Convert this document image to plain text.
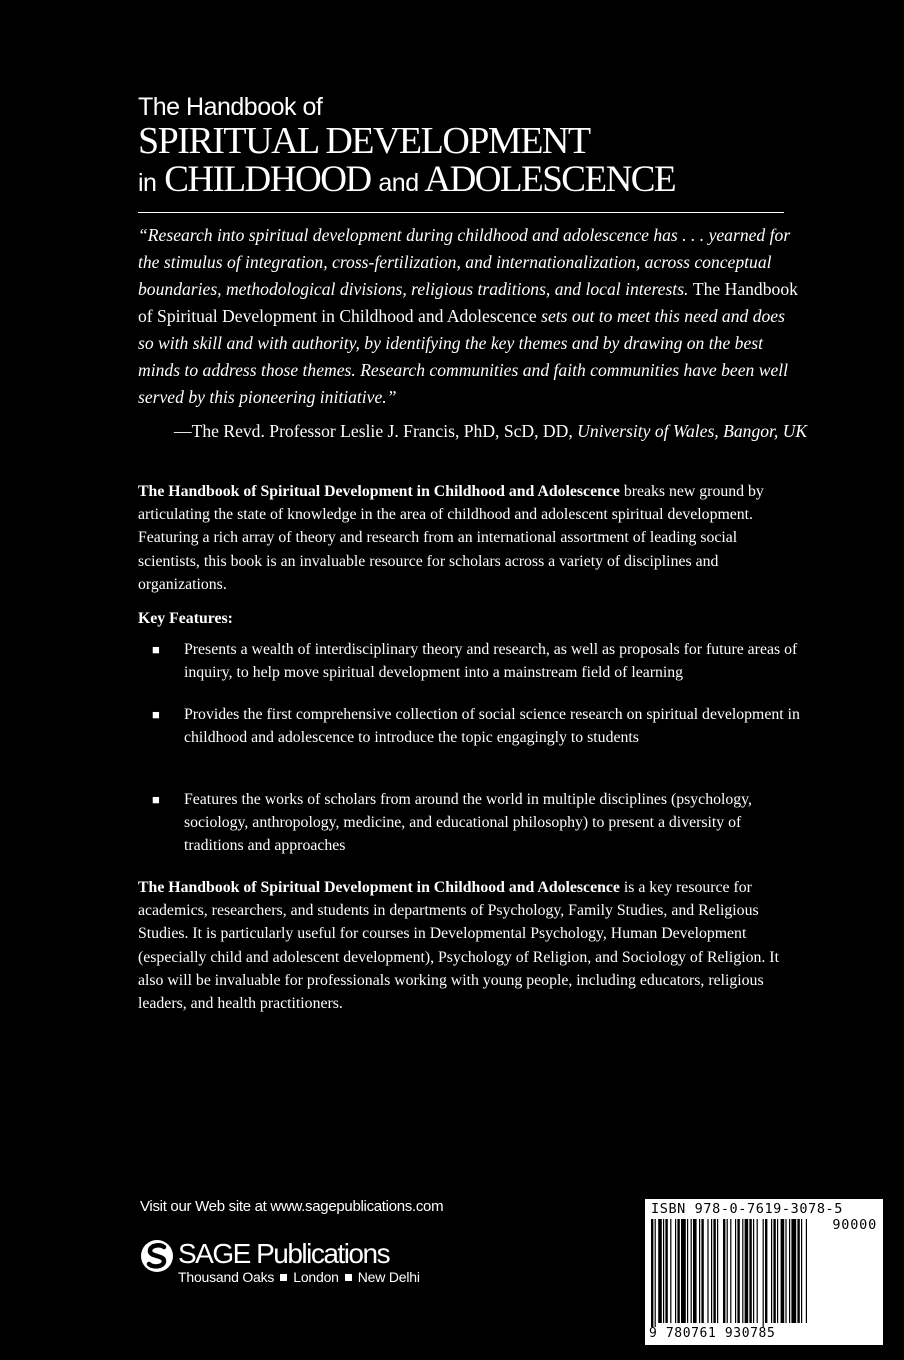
The Handbook of
SPIRITUAL DEVELOPMENT
in CHILDHOOD and ADOLESCENCE
“Research into spiritual development during childhood and adolescence has . . . yearned for the stimulus of integration, cross-fertilization, and internationalization, across conceptual boundaries, methodological divisions, religious traditions, and local interests. The Handbook of Spiritual Development in Childhood and Adolescence sets out to meet this need and does so with skill and with authority, by identifying the key themes and by drawing on the best minds to address those themes. Research communities and faith communities have been well served by this pioneering initiative.”
—The Revd. Professor Leslie J. Francis, PhD, ScD, DD, University of Wales, Bangor, UK
The Handbook of Spiritual Development in Childhood and Adolescence breaks new ground by articulating the state of knowledge in the area of childhood and adolescent spiritual development. Featuring a rich array of theory and research from an international assortment of leading social scientists, this book is an invaluable resource for scholars across a variety of disciplines and organizations.
Key Features:
■ Presents a wealth of interdisciplinary theory and research, as well as proposals for future areas of inquiry, to help move spiritual development into a mainstream field of learning
■ Provides the first comprehensive collection of social science research on spiritual development in childhood and adolescence to introduce the topic engagingly to students
■ Features the works of scholars from around the world in multiple disciplines (psychology, sociology, anthropology, medicine, and educational philosophy) to present a diversity of traditions and approaches
The Handbook of Spiritual Development in Childhood and Adolescence is a key resource for academics, researchers, and students in departments of Psychology, Family Studies, and Religious Studies. It is particularly useful for courses in Developmental Psychology, Human Development (especially child and adolescent development), Psychology of Religion, and Sociology of Religion. It also will be invaluable for professionals working with young people, including educators, religious leaders, and health practitioners.
Visit our Web site at www.sagepublications.com
SAGE Publications
Thousand Oaks London New Delhi
ISBN 978-0-7619-3078-5
90000
9 780761 930785
